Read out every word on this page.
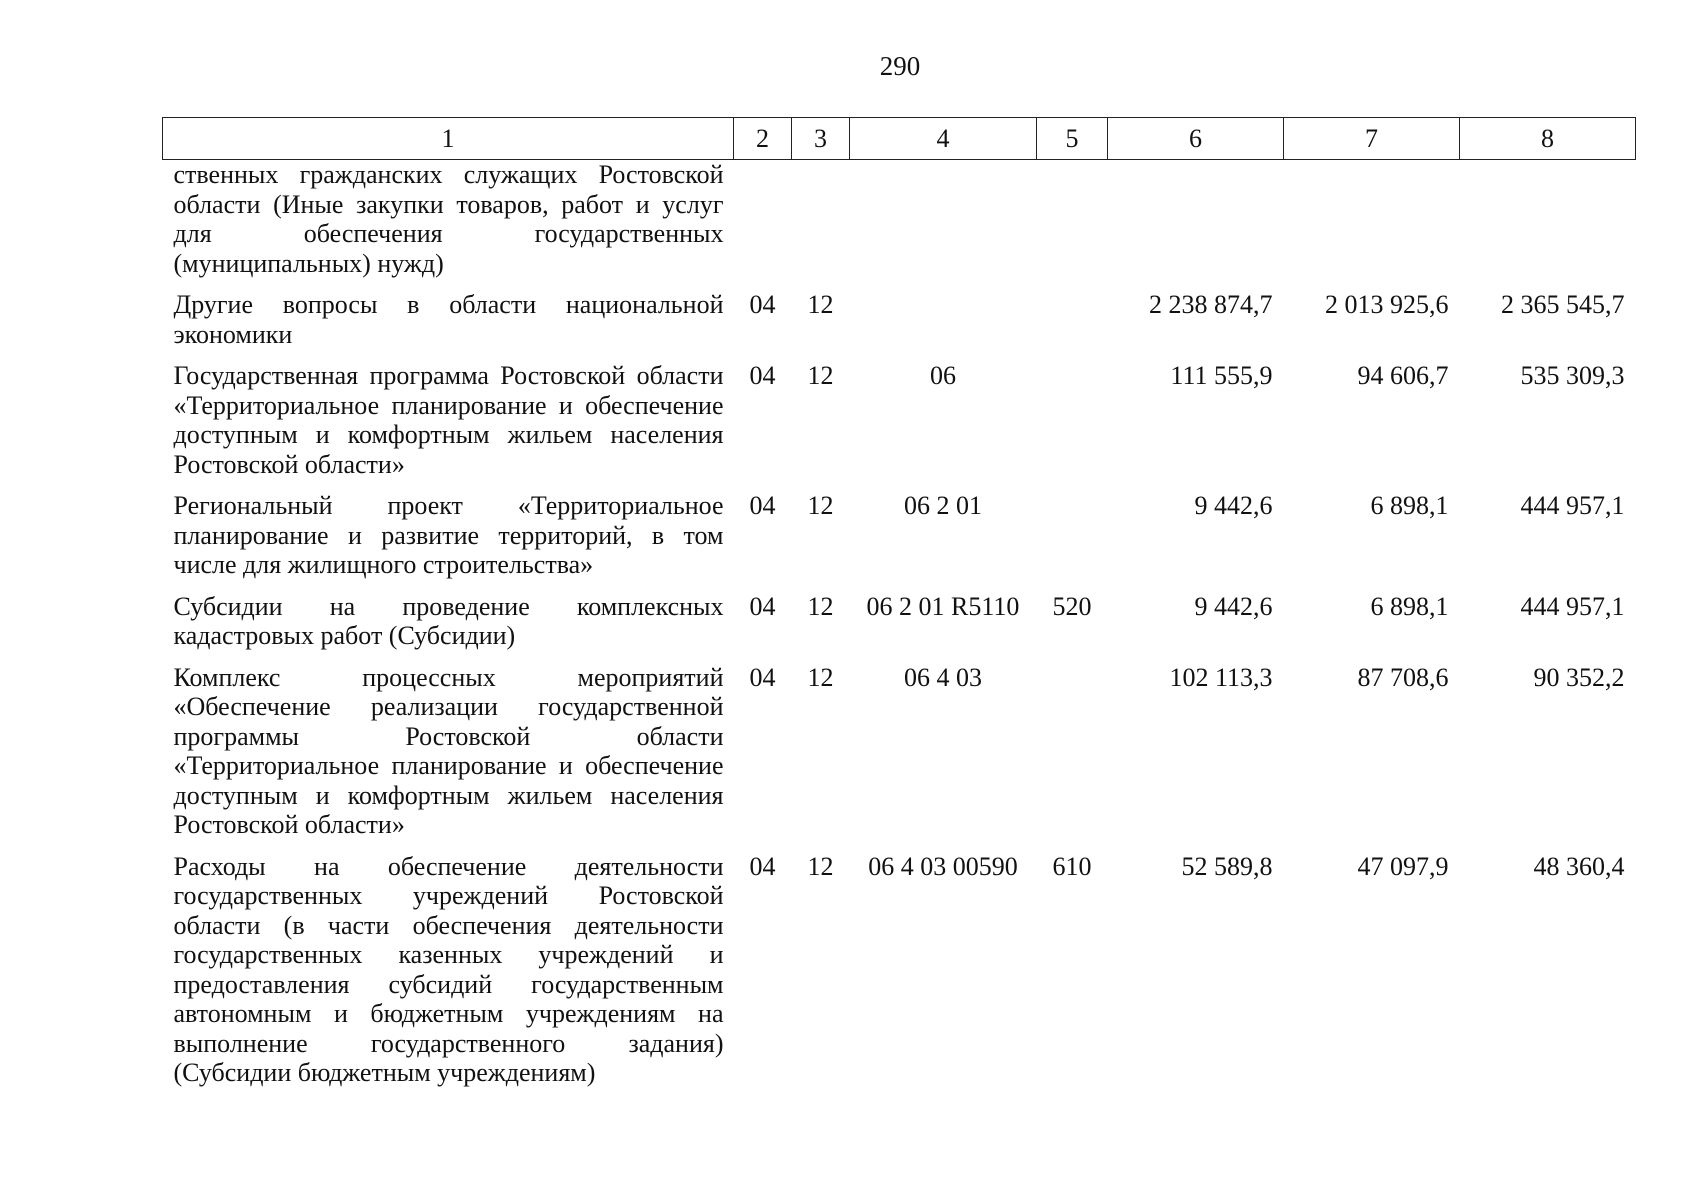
290
1	2	3	4	5	6	7	8
ственных гражданских служащих Ростовской области (Иные закупки товаров, работ и услуг для обеспечения государственных (муниципальных) нужд)							
Другие вопросы в области национальной экономики	04	12			2 238 874,7	2 013 925,6	2 365 545,7
Государственная программа Ростовской области «Территориальное планирование и обеспечение доступным и комфортным жильем населения Ростовской области»	04	12	06		111 555,9	94 606,7	535 309,3
Региональный проект «Территориальное планирование и развитие территорий, в том числе для жилищного строительства»	04	12	06 2 01		9 442,6	6 898,1	444 957,1
Субсидии на проведение комплексных кадастровых работ (Субсидии)	04	12	06 2 01 R5110	520	9 442,6	6 898,1	444 957,1
Комплекс процессных мероприятий «Обеспечение реализации государственной программы Ростовской области «Территориальное планирование и обеспечение доступным и комфортным жильем населения Ростовской области»	04	12	06 4 03		102 113,3	87 708,6	90 352,2
Расходы на обеспечение деятельности государственных учреждений Ростовской области (в части обеспечения деятельности государственных казенных учреждений и предоставления субсидий государственным автономным и бюджетным учреждениям на выполнение государственного задания) (Субсидии бюджетным учреждениям)	04	12	06 4 03 00590	610	52 589,8	47 097,9	48 360,4
